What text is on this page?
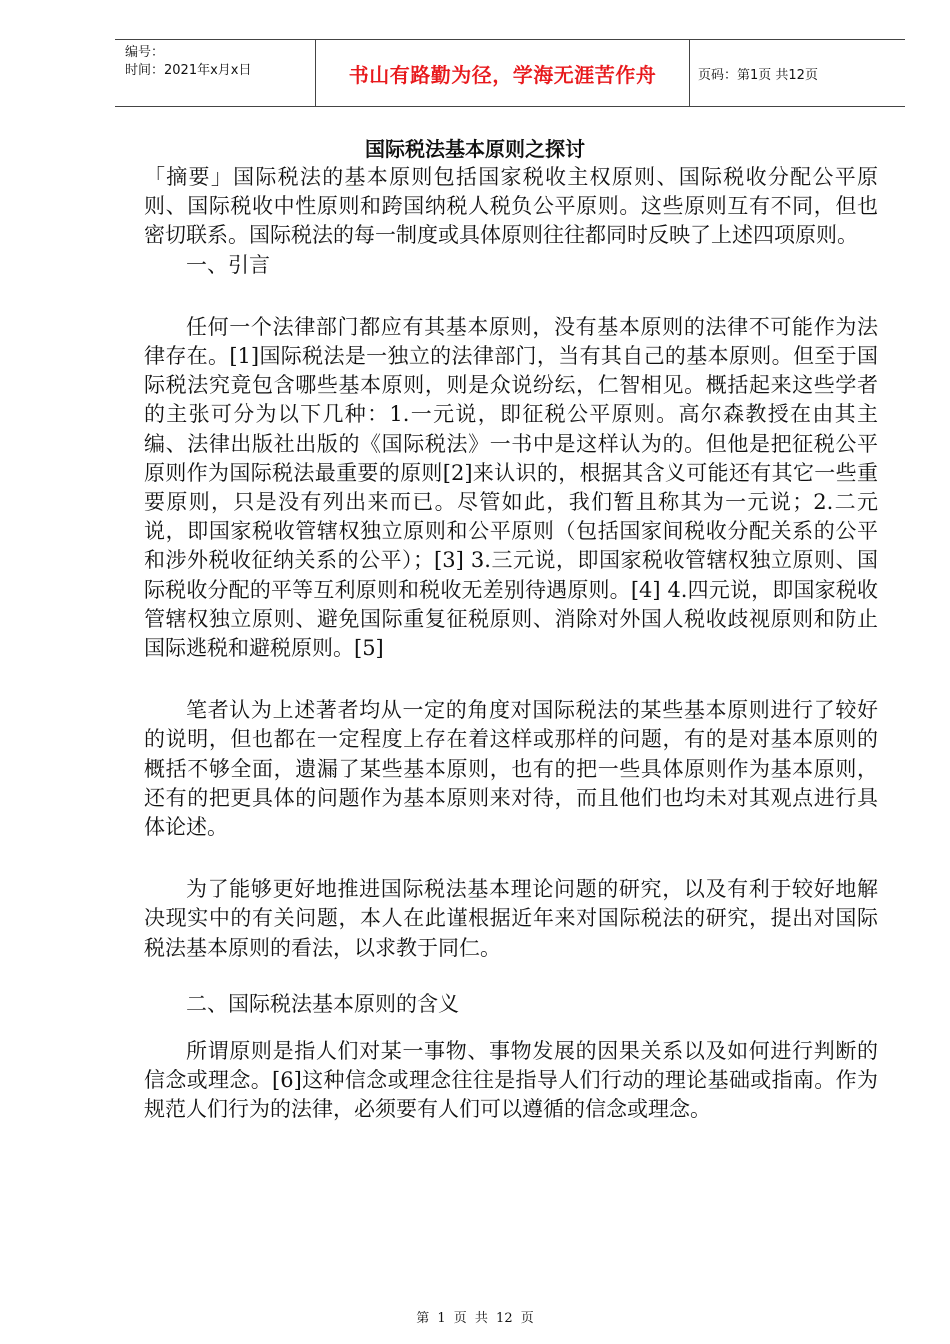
编号：
时间：2021年x月x日	书山有路勤为径，学海无涯苦作舟	页码：第1页 共12页
国际税法基本原则之探讨

「摘要」国际税法的基本原则包括国家税收主权原则、国际税收分配公平原则、国际税收中性原则和跨国纳税人税负公平原则。这些原则互有不同，但也密切联系。国际税法的每一制度或具体原则往往都同时反映了上述四项原则。

一、引言

任何一个法律部门都应有其基本原则，没有基本原则的法律不可能作为法律存在。[1]国际税法是一独立的法律部门，当有其自己的基本原则。但至于国际税法究竟包含哪些基本原则，则是众说纷纭，仁智相见。概括起来这些学者的主张可分为以下几种：1.一元说，即征税公平原则。高尔森教授在由其主编、法律出版社出版的《国际税法》一书中是这样认为的。但他是把征税公平原则作为国际税法最重要的原则[2]来认识的，根据其含义可能还有其它一些重要原则，只是没有列出来而已。尽管如此，我们暂且称其为一元说；2.二元说，即国家税收管辖权独立原则和公平原则（包括国家间税收分配关系的公平和涉外税收征纳关系的公平）；[3] 3.三元说，即国家税收管辖权独立原则、国际税收分配的平等互利原则和税收无差别待遇原则。[4] 4.四元说，即国家税收管辖权独立原则、避免国际重复征税原则、消除对外国人税收歧视原则和防止国际逃税和避税原则。[5]

笔者认为上述著者均从一定的角度对国际税法的某些基本原则进行了较好的说明，但也都在一定程度上存在着这样或那样的问题，有的是对基本原则的概括不够全面，遗漏了某些基本原则，也有的把一些具体原则作为基本原则，还有的把更具体的问题作为基本原则来对待，而且他们也均未对其观点进行具体论述。

为了能够更好地推进国际税法基本理论问题的研究，以及有利于较好地解决现实中的有关问题，本人在此谨根据近年来对国际税法的研究，提出对国际税法基本原则的看法，以求教于同仁。

二、国际税法基本原则的含义

所谓原则是指人们对某一事物、事物发展的因果关系以及如何进行判断的信念或理念。[6]这种信念或理念往往是指导人们行动的理论基础或指南。作为规范人们行为的法律，必须要有人们可以遵循的信念或理念。

第 1 页 共 12 页
